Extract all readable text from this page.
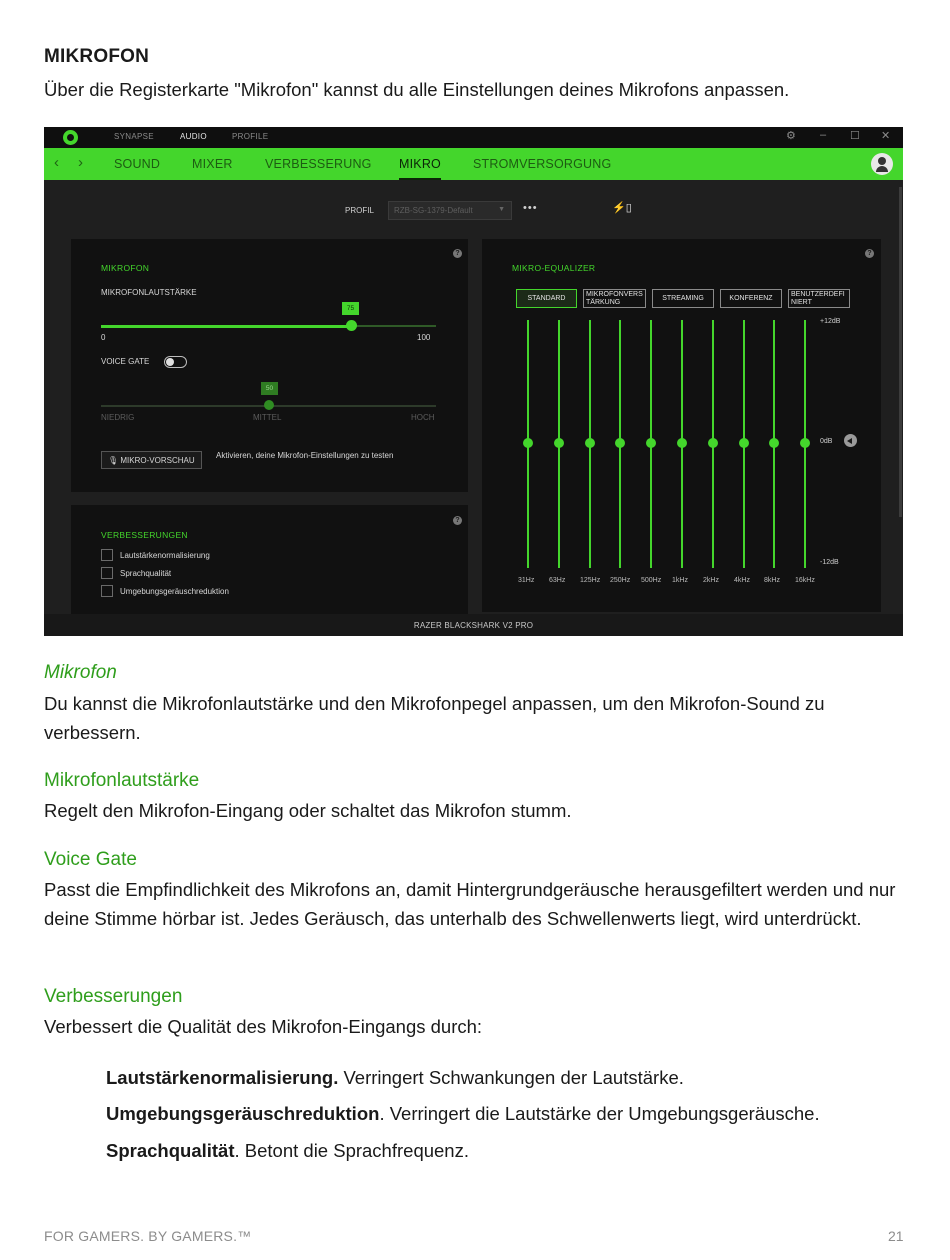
MIKROFON
Über die Registerkarte "Mikrofon" kannst du alle Einstellungen deines Mikrofons anpassen.
SYNAPSE	AUDIO	PROFILE	⚙ – ☐ ✕
‹ › SOUND	MIXER	VERBESSERUNG MIKRO	STROMVERSORGUNG
PROFIL	RZB-SG-1379-Default	▼ •••	⚡▯
MIKROFON
?
MIKROFONLAUTSTÄRKE
75
0	100
VOICE GATE
50
NIEDRIG	MITTEL	HOCH
🎙 MIKRO-VORSCHAU
Aktivieren, deine Mikrofon-Einstellungen zu testen
VERBESSERUNGEN
?
Lautstärkenormalisierung
Sprachqualität
Umgebungsgeräuschreduktion
MIKRO-EQUALIZER
?
STANDARD
MIKROFONVERS TÄRKUNG
STREAMING	KONFERENZ
BENUTZERDEFI NIERT
+12dB
0dB
-12dB
31Hz 63Hz 125Hz 250Hz 500Hz 1kHz 2kHz 4kHz 8kHz 16kHz
RAZER BLACKSHARK V2 PRO
Mikrofon
Du kannst die Mikrofonlautstärke und den Mikrofonpegel anpassen, um den Mikrofon-Sound zu verbessern.
Mikrofonlautstärke
Regelt den Mikrofon-Eingang oder schaltet das Mikrofon stumm.
Voice Gate
Passt die Empfindlichkeit des Mikrofons an, damit Hintergrundgeräusche herausgefiltert werden und nur deine Stimme hörbar ist. Jedes Geräusch, das unterhalb des Schwellenwerts liegt, wird unterdrückt.
Verbesserungen
Verbessert die Qualität des Mikrofon-Eingangs durch:
Lautstärkenormalisierung. Verringert Schwankungen der Lautstärke.
Umgebungsgeräuschreduktion. Verringert die Lautstärke der Umgebungsgeräusche.
Sprachqualität. Betont die Sprachfrequenz.
FOR GAMERS. BY GAMERS.™	21
